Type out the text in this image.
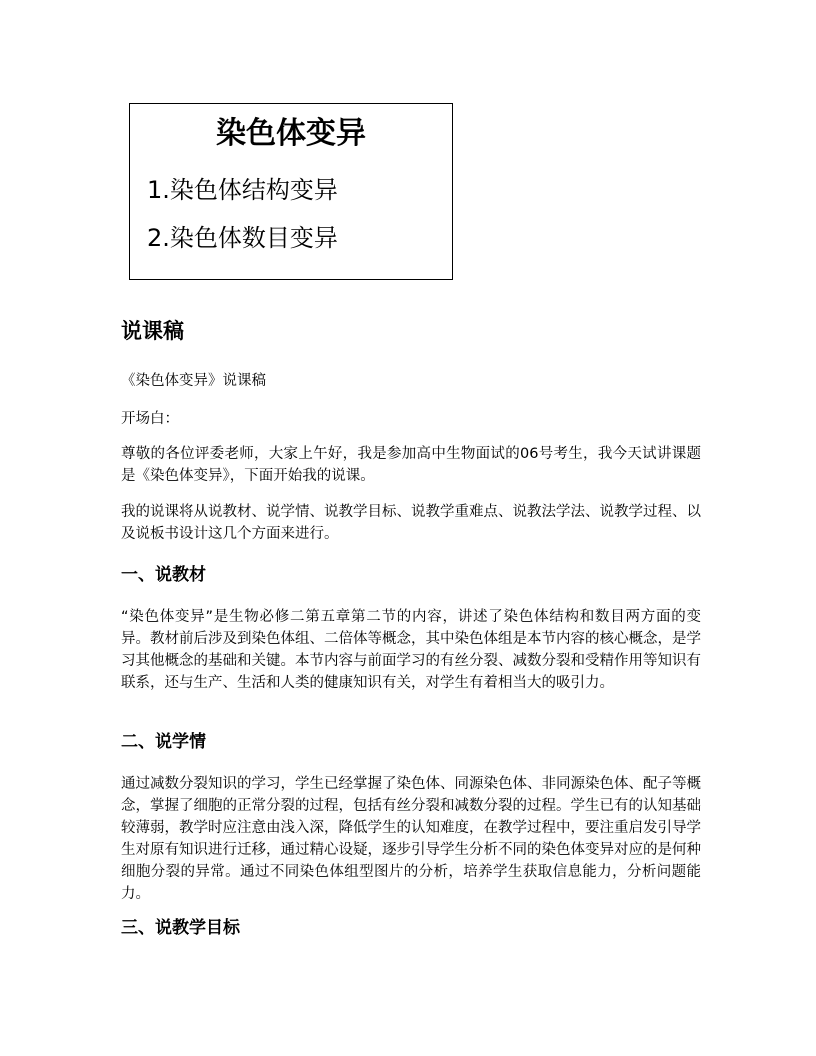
染色体变异
1.染色体结构变异
2.染色体数目变异
说课稿

《染色体变异》说课稿

开场白：

尊敬的各位评委老师，大家上午好，我是参加高中生物面试的06号考生，我今天试讲课题是《染色体变异》，下面开始我的说课。

我的说课将从说教材、说学情、说教学目标、说教学重难点、说教法学法、说教学过程、以及说板书设计这几个方面来进行。

一、说教材

“染色体变异”是生物必修二第五章第二节的内容，讲述了染色体结构和数目两方面的变异。教材前后涉及到染色体组、二倍体等概念，其中染色体组是本节内容的核心概念，是学习其他概念的基础和关键。本节内容与前面学习的有丝分裂、减数分裂和受精作用等知识有联系，还与生产、生活和人类的健康知识有关，对学生有着相当大的吸引力。

二、说学情

通过减数分裂知识的学习，学生已经掌握了染色体、同源染色体、非同源染色体、配子等概念，掌握了细胞的正常分裂的过程，包括有丝分裂和减数分裂的过程。学生已有的认知基础较薄弱，教学时应注意由浅入深，降低学生的认知难度，在教学过程中，要注重启发引导学生对原有知识进行迁移，通过精心设疑，逐步引导学生分析不同的染色体变异对应的是何种细胞分裂的异常。通过不同染色体组型图片的分析，培养学生获取信息能力，分析问题能力。

三、说教学目标
